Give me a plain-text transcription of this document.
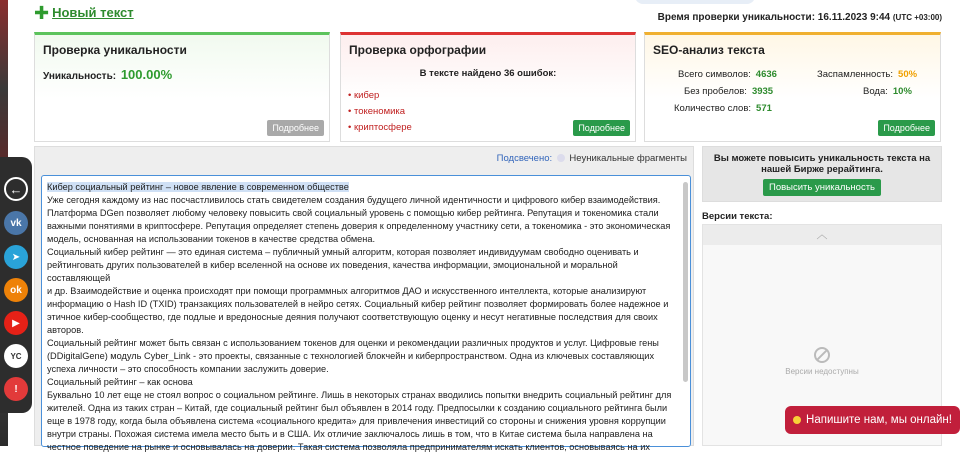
✚ Новый текст	Время проверки уникальности: 16.11.2023 9:44 (UTC +03:00)
Проверка уникальности
Уникальность: 100.00%
Подробнее
Проверка орфографии
В тексте найдено 36 ошибок:
• кибер
• токеномика
• криптосфере	Подробнее
SEO-анализ текста
Всего символов: 4636
Без пробелов: 3935
Количество слов: 571
Заспамленность: 50%
Вода: 10%
Подробнее
Подсвечено: Неуникальные фрагменты
Кибер социальный рейтинг – новое явление в современном обществе

Уже сегодня каждому из нас посчастливилось стать свидетелем создания будущего личной идентичности и цифрового кибер взаимодействия.

Платформа DGen позволяет любому человеку повысить свой социальный уровень с помощью кибер рейтинга. Репутация и токеномика стали

важными понятиями в криптосфере. Репутация определяет степень доверия к определенному участнику сети, а токеномика - это экономическая

модель, основанная на использовании токенов в качестве средства обмена.

Социальный кибер рейтинг — это единая система – публичный умный алгоритм, которая позволяет индивидуумам свободно оценивать и

рейтинговать других пользователей в кибер вселенной на основе их поведения, качества информации, эмоциональной и моральной составляющей

и др. Взаимодействие и оценка происходят при помощи программных алгоритмов ДАО и искусственного интеллекта, которые анализируют

информацию о Hash ID (TXID) транзакциях пользователей в нейро сетях. Социальный кибер рейтинг позволяет формировать более надежное и

этичное кибер-сообщество, где подлые и вредоносные деяния получают соответствующую оценку и несут негативные последствия для своих

авторов.

Социальный рейтинг может быть связан с использованием токенов для оценки и рекомендации различных продуктов и услуг. Цифровые гены

(DDigitalGene) модуль Cyber_Link - это проекты, связанные с технологией блокчейн и киберпространством. Одна из ключевых составляющих

успеха личности – это способность компании заслужить доверие.

Социальный рейтинг – как основа

Буквально 10 лет еще не стоял вопрос о социальном рейтинге. Лишь в некоторых странах вводились попытки внедрить социальный рейтинг для

жителей. Одна из таких стран – Китай, где социальный рейтинг был объявлен в 2014 году. Предпосылки к созданию социального рейтинга были

еще в 1978 году, когда была объявлена система «социального кредита» для привлечения инвестиций со стороны и снижения уровня коррупции

внутри страны. Похожая система имела место быть и в США. Их отличие заключалось лишь в том, что в Китае система была направлена на

честное поведение на рынке и основывалась на доверии. Такая система позволяла предпринимателям искать клиентов, основываясь на их

Вы можете повысить уникальность текста на нашей Бирже рерайтинга.

Повысить уникальность
Версии текста:
︿
Версии недоступны
←
vk
➤
ok
▶
YC
!
Напишите нам, мы онлайн!
